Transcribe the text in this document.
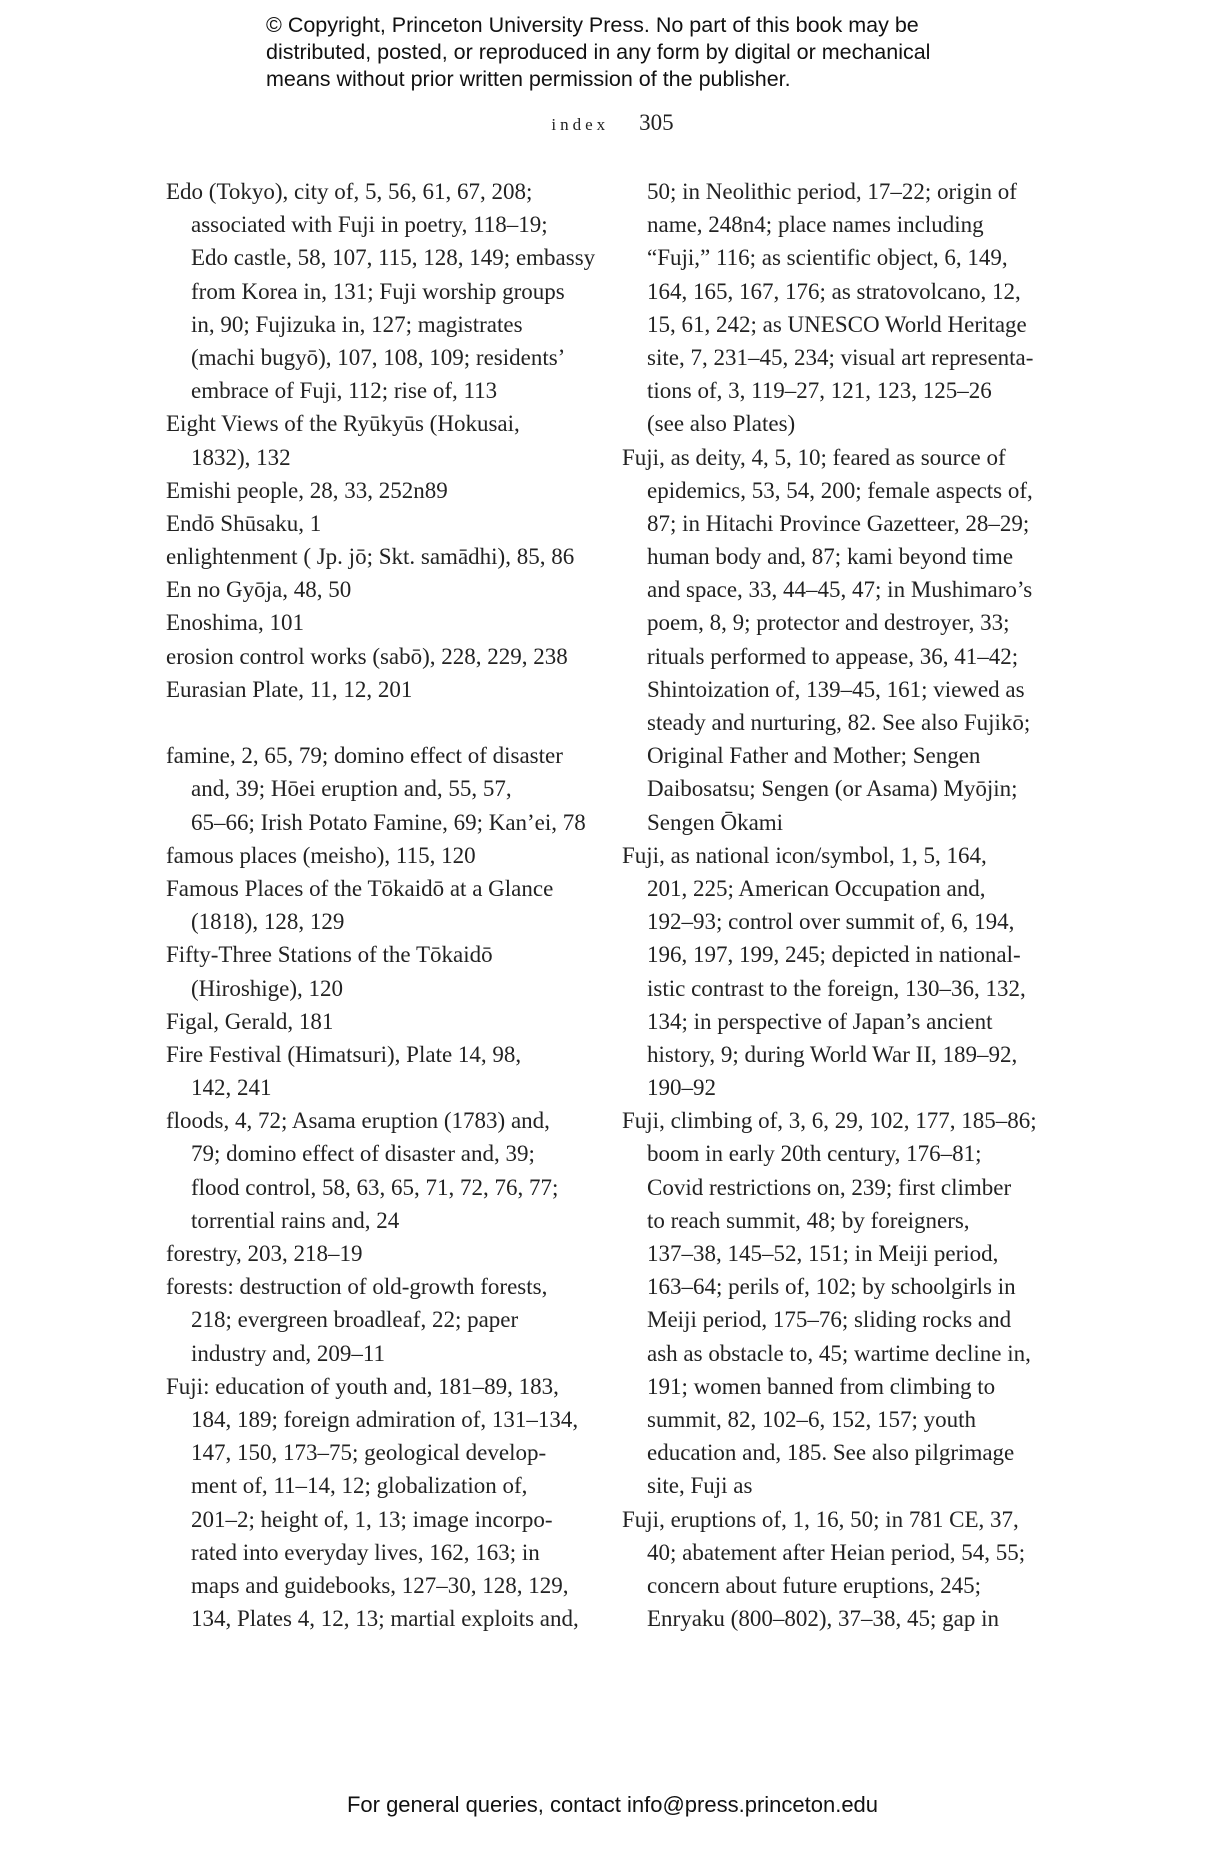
© Copyright, Princeton University Press. No part of this book may be
distributed, posted, or reproduced in any form by digital or mechanical
means without prior written permission of the publisher.
index 305
Edo (Tokyo), city of, 5, 56, 61, 67, 208;
associated with Fuji in poetry, 118–19;
Edo castle, 58, 107, 115, 128, 149; embassy
from Korea in, 131; Fuji worship groups
in, 90; Fujizuka in, 127; magistrates
(machi bugyō), 107, 108, 109; residents’
embrace of Fuji, 112; rise of, 113
Eight Views of the Ryūkyūs (Hokusai,
1832), 132
Emishi people, 28, 33, 252n89
Endō Shūsaku, 1
enlightenment ( Jp. jō; Skt. samādhi), 85, 86
En no Gyōja, 48, 50
Enoshima, 101
erosion control works (sabō), 228, 229, 238
Eurasian Plate, 11, 12, 201
famine, 2, 65, 79; domino effect of disaster
and, 39; Hōei eruption and, 55, 57,
65–66; Irish Potato Famine, 69; Kan’ei, 78
famous places (meisho), 115, 120
Famous Places of the Tōkaidō at a Glance
(1818), 128, 129
Fifty-Three Stations of the Tōkaidō
(Hiroshige), 120
Figal, Gerald, 181
Fire Festival (Himatsuri), Plate 14, 98,
142, 241
floods, 4, 72; Asama eruption (1783) and,
79; domino effect of disaster and, 39;
flood control, 58, 63, 65, 71, 72, 76, 77;
torrential rains and, 24
forestry, 203, 218–19
forests: destruction of old-growth forests,
218; evergreen broadleaf, 22; paper
industry and, 209–11
Fuji: education of youth and, 181–89, 183,
184, 189; foreign admiration of, 131–134,
147, 150, 173–75; geological develop-
ment of, 11–14, 12; globalization of,
201–2; height of, 1, 13; image incorpo-
rated into everyday lives, 162, 163; in
maps and guidebooks, 127–30, 128, 129,
134, Plates 4, 12, 13; martial exploits and,
50; in Neolithic period, 17–22; origin of
name, 248n4; place names including
“Fuji,” 116; as scientific object, 6, 149,
164, 165, 167, 176; as stratovolcano, 12,
15, 61, 242; as UNESCO World Heritage
site, 7, 231–45, 234; visual art representa-
tions of, 3, 119–27, 121, 123, 125–26
(see also Plates)
Fuji, as deity, 4, 5, 10; feared as source of
epidemics, 53, 54, 200; female aspects of,
87; in Hitachi Province Gazetteer, 28–29;
human body and, 87; kami beyond time
and space, 33, 44–45, 47; in Mushimaro’s
poem, 8, 9; protector and destroyer, 33;
rituals performed to appease, 36, 41–42;
Shintoization of, 139–45, 161; viewed as
steady and nurturing, 82. See also Fujikō;
Original Father and Mother; Sengen
Daibosatsu; Sengen (or Asama) Myōjin;
Sengen Ōkami
Fuji, as national icon/symbol, 1, 5, 164,
201, 225; American Occupation and,
192–93; control over summit of, 6, 194,
196, 197, 199, 245; depicted in national-
istic contrast to the foreign, 130–36, 132,
134; in perspective of Japan’s ancient
history, 9; during World War II, 189–92,
190–92
Fuji, climbing of, 3, 6, 29, 102, 177, 185–86;
boom in early 20th century, 176–81;
Covid restrictions on, 239; first climber
to reach summit, 48; by foreigners,
137–38, 145–52, 151; in Meiji period,
163–64; perils of, 102; by schoolgirls in
Meiji period, 175–76; sliding rocks and
ash as obstacle to, 45; wartime decline in,
191; women banned from climbing to
summit, 82, 102–6, 152, 157; youth
education and, 185. See also pilgrimage
site, Fuji as
Fuji, eruptions of, 1, 16, 50; in 781 CE, 37,
40; abatement after Heian period, 54, 55;
concern about future eruptions, 245;
Enryaku (800–802), 37–38, 45; gap in
For general queries, contact info@press.princeton.edu
